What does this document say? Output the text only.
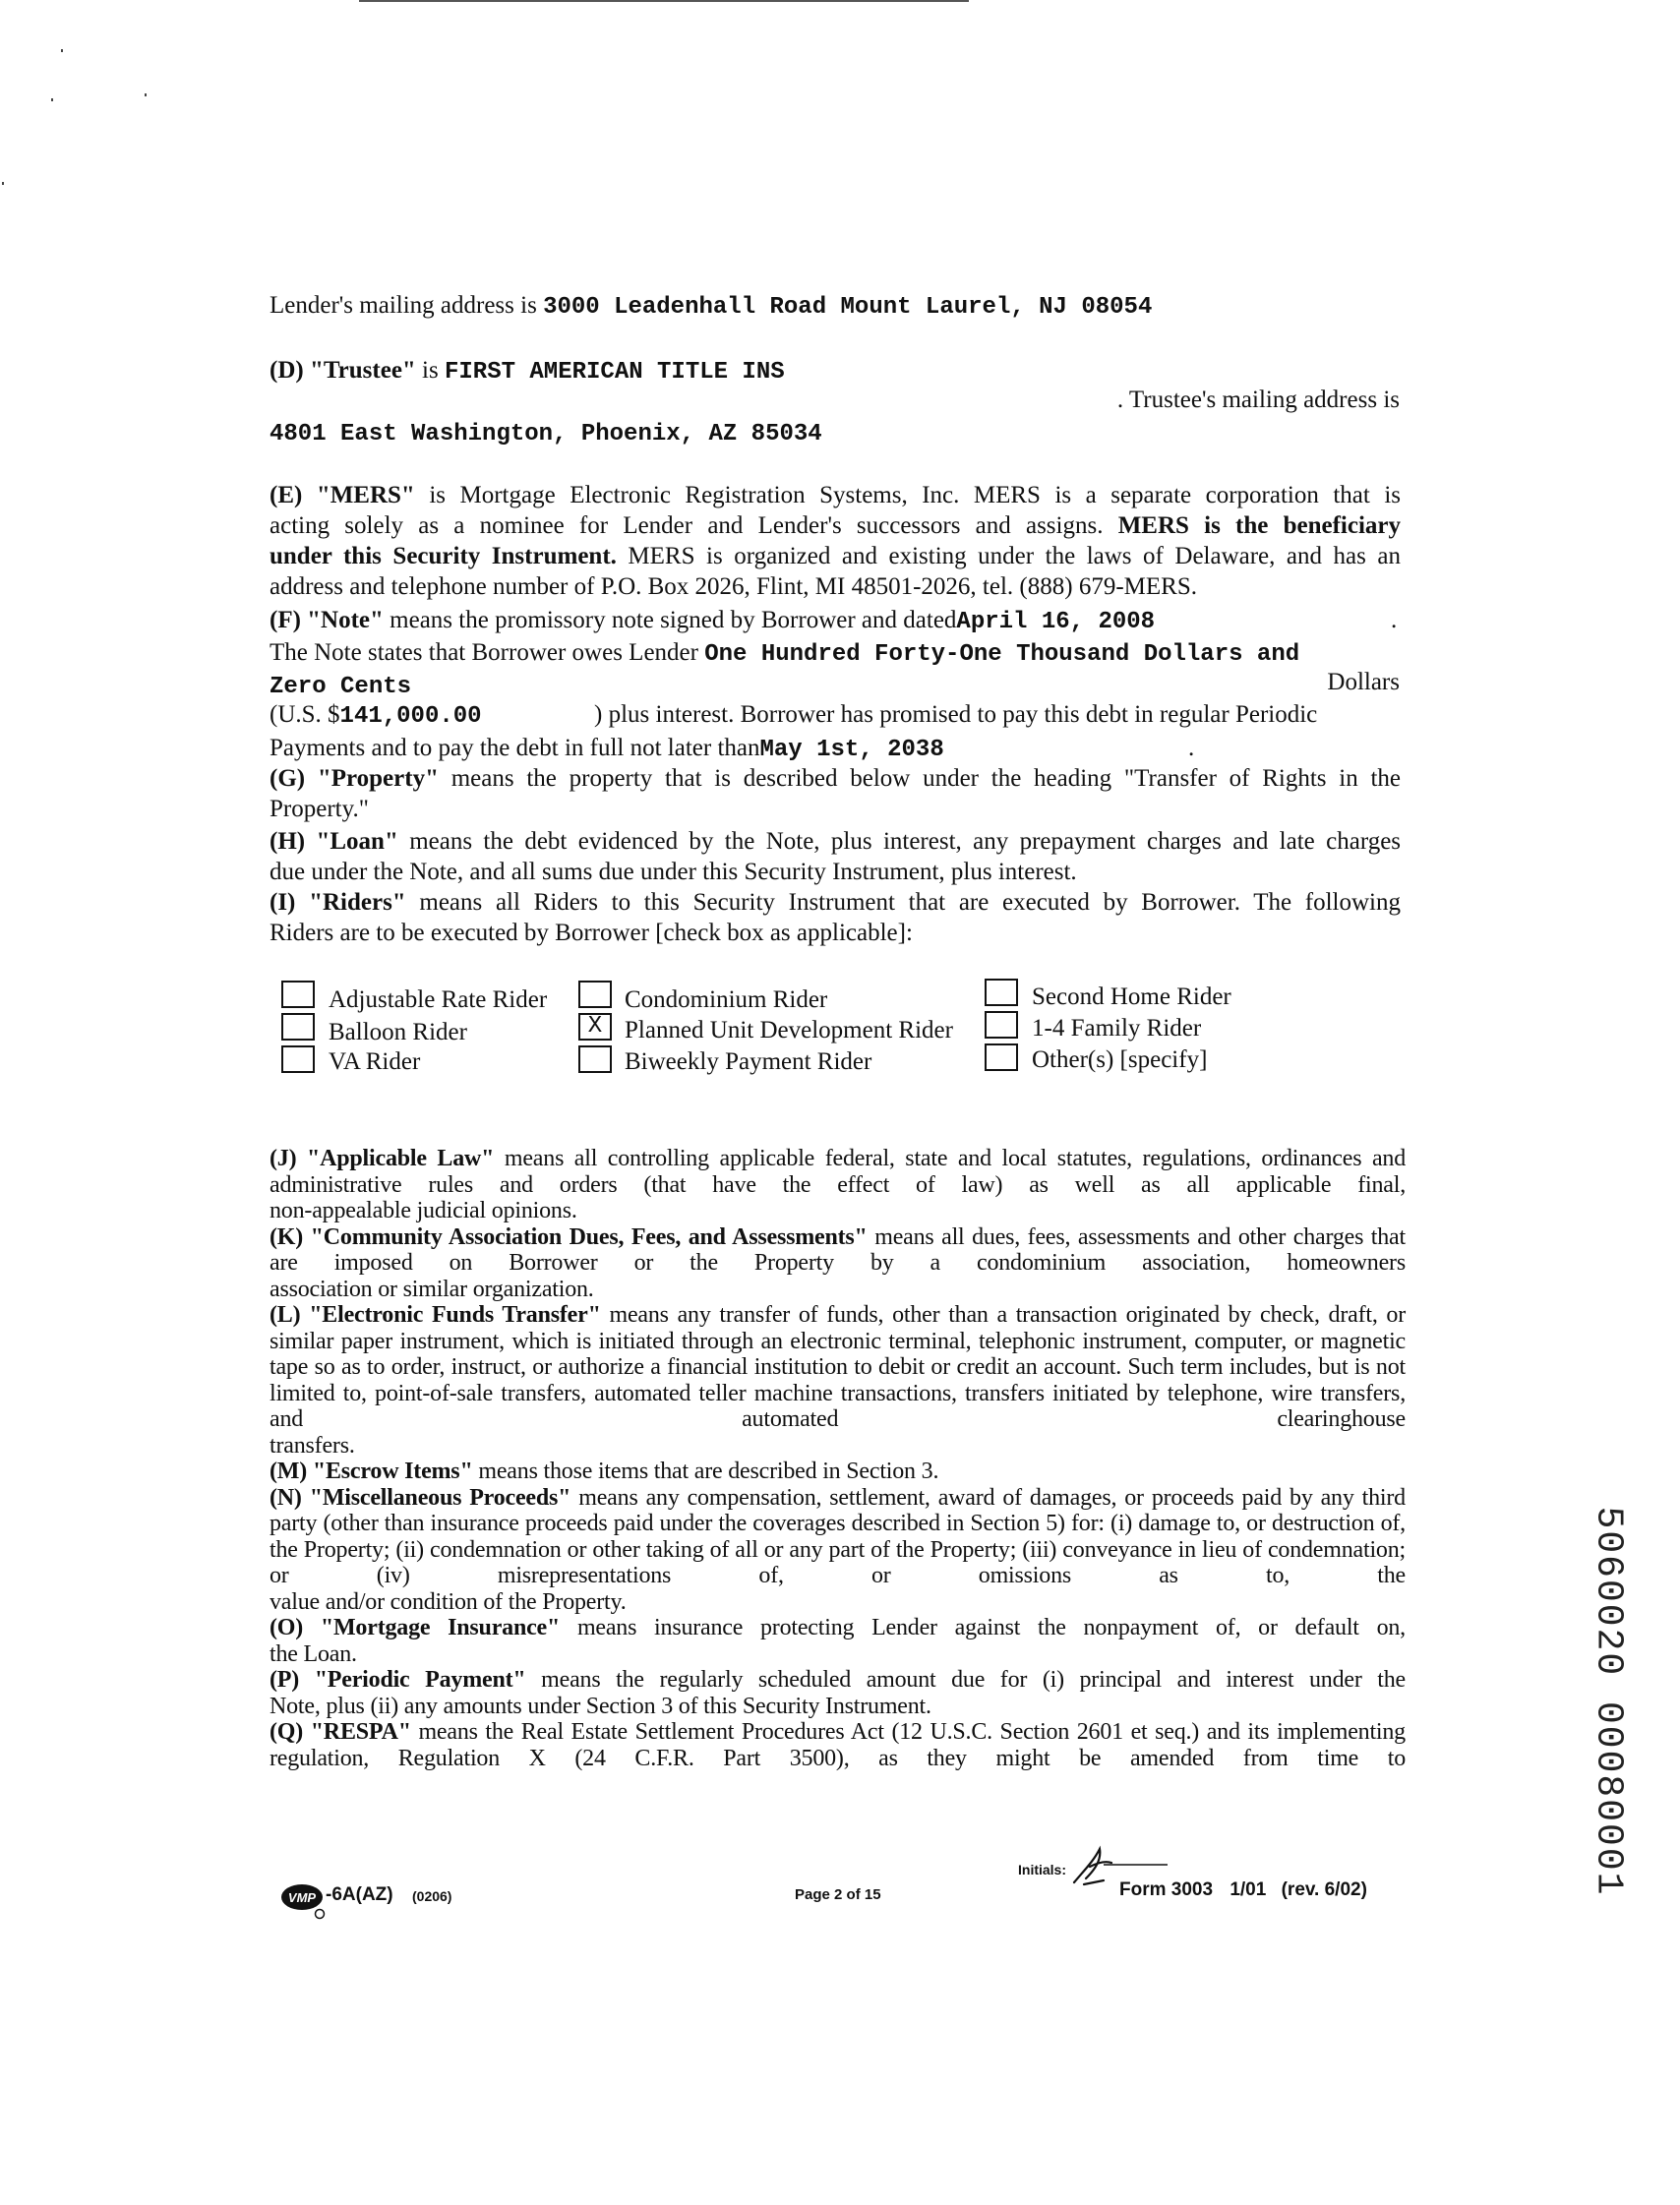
Lender's mailing address is 3000 Leadenhall Road Mount Laurel, NJ 08054
(D) "Trustee" is FIRST AMERICAN TITLE INS
. Trustee's mailing address is
4801 East Washington, Phoenix, AZ 85034
(E) "MERS" is Mortgage Electronic Registration Systems, Inc. MERS is a separate corporation that is
acting solely as a nominee for Lender and Lender's successors and assigns. MERS is the beneficiary
under this Security Instrument. MERS is organized and existing under the laws of Delaware, and has an
address and telephone number of P.O. Box 2026, Flint, MI 48501-2026, tel. (888) 679-MERS.
(F) "Note" means the promissory note signed by Borrower and datedApril 16, 2008	.
The Note states that Borrower owes Lender One Hundred Forty-One Thousand Dollars and
Zero Cents	Dollars
(U.S. $141,000.00	) plus interest. Borrower has promised to pay this debt in regular Periodic
Payments and to pay the debt in full not later thanMay 1st, 2038	.
(G) "Property" means the property that is described below under the heading "Transfer of Rights in the
Property."
(H) "Loan" means the debt evidenced by the Note, plus interest, any prepayment charges and late charges
due under the Note, and all sums due under this Security Instrument, plus interest.
(I) "Riders" means all Riders to this Security Instrument that are executed by Borrower. The following
Riders are to be executed by Borrower [check box as applicable]:
Adjustable Rate Rider
Balloon Rider
VA Rider
Condominium Rider
X Planned Unit Development Rider
Biweekly Payment Rider
Second Home Rider
1-4 Family Rider
Other(s) [specify]
(J) "Applicable Law" means all controlling applicable federal, state and local statutes, regulations, ordinances and administrative rules and orders (that have the effect of law) as well as all applicable final,
non-appealable judicial opinions.
(K) "Community Association Dues, Fees, and Assessments" means all dues, fees, assessments and other charges that are imposed on Borrower or the Property by a condominium association, homeowners
association or similar organization.
(L) "Electronic Funds Transfer" means any transfer of funds, other than a transaction originated by check, draft, or similar paper instrument, which is initiated through an electronic terminal, telephonic instrument, computer, or magnetic tape so as to order, instruct, or authorize a financial institution to debit or credit an account. Such term includes, but is not limited to, point-of-sale transfers, automated teller machine transactions, transfers initiated by telephone, wire transfers, and automated clearinghouse
transfers.
(M) "Escrow Items" means those items that are described in Section 3.
(N) "Miscellaneous Proceeds" means any compensation, settlement, award of damages, or proceeds paid by any third party (other than insurance proceeds paid under the coverages described in Section 5) for: (i) damage to, or destruction of, the Property; (ii) condemnation or other taking of all or any part of the Property; (iii) conveyance in lieu of condemnation; or (iv) misrepresentations of, or omissions as to, the
value and/or condition of the Property.
(O) "Mortgage Insurance" means insurance protecting Lender against the nonpayment of, or default on,
the Loan.
(P) "Periodic Payment" means the regularly scheduled amount due for (i) principal and interest under the
Note, plus (ii) any amounts under Section 3 of this Security Instrument.
(Q) "RESPA" means the Real Estate Settlement Procedures Act (12 U.S.C. Section 2601 et seq.) and its implementing regulation, Regulation X (24 C.F.R. Part 3500), as they might be amended from time to
VMP -6A(AZ) (0206)	Page 2 of 15
Initials:
Form 3003 1/01 (rev. 6/02)	5060020 00080001
